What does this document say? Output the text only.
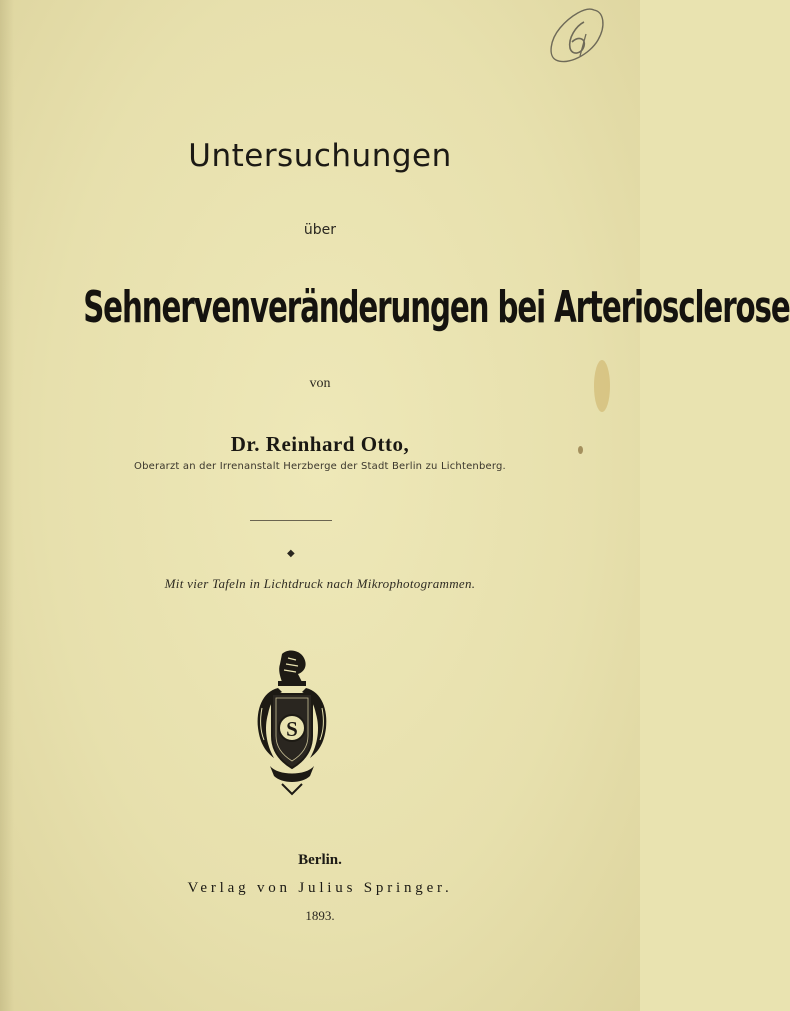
Untersuchungen
über
Sehnervenveränderungen bei Arteriosclerose
von
Dr. Reinhard Otto,
Oberarzt an der Irrenanstalt Herzberge der Stadt Berlin zu Lichtenberg.
◆
Mit vier Tafeln in Lichtdruck nach Mikrophotogrammen.
S
Berlin.
Verlag von Julius Springer.
1893.
